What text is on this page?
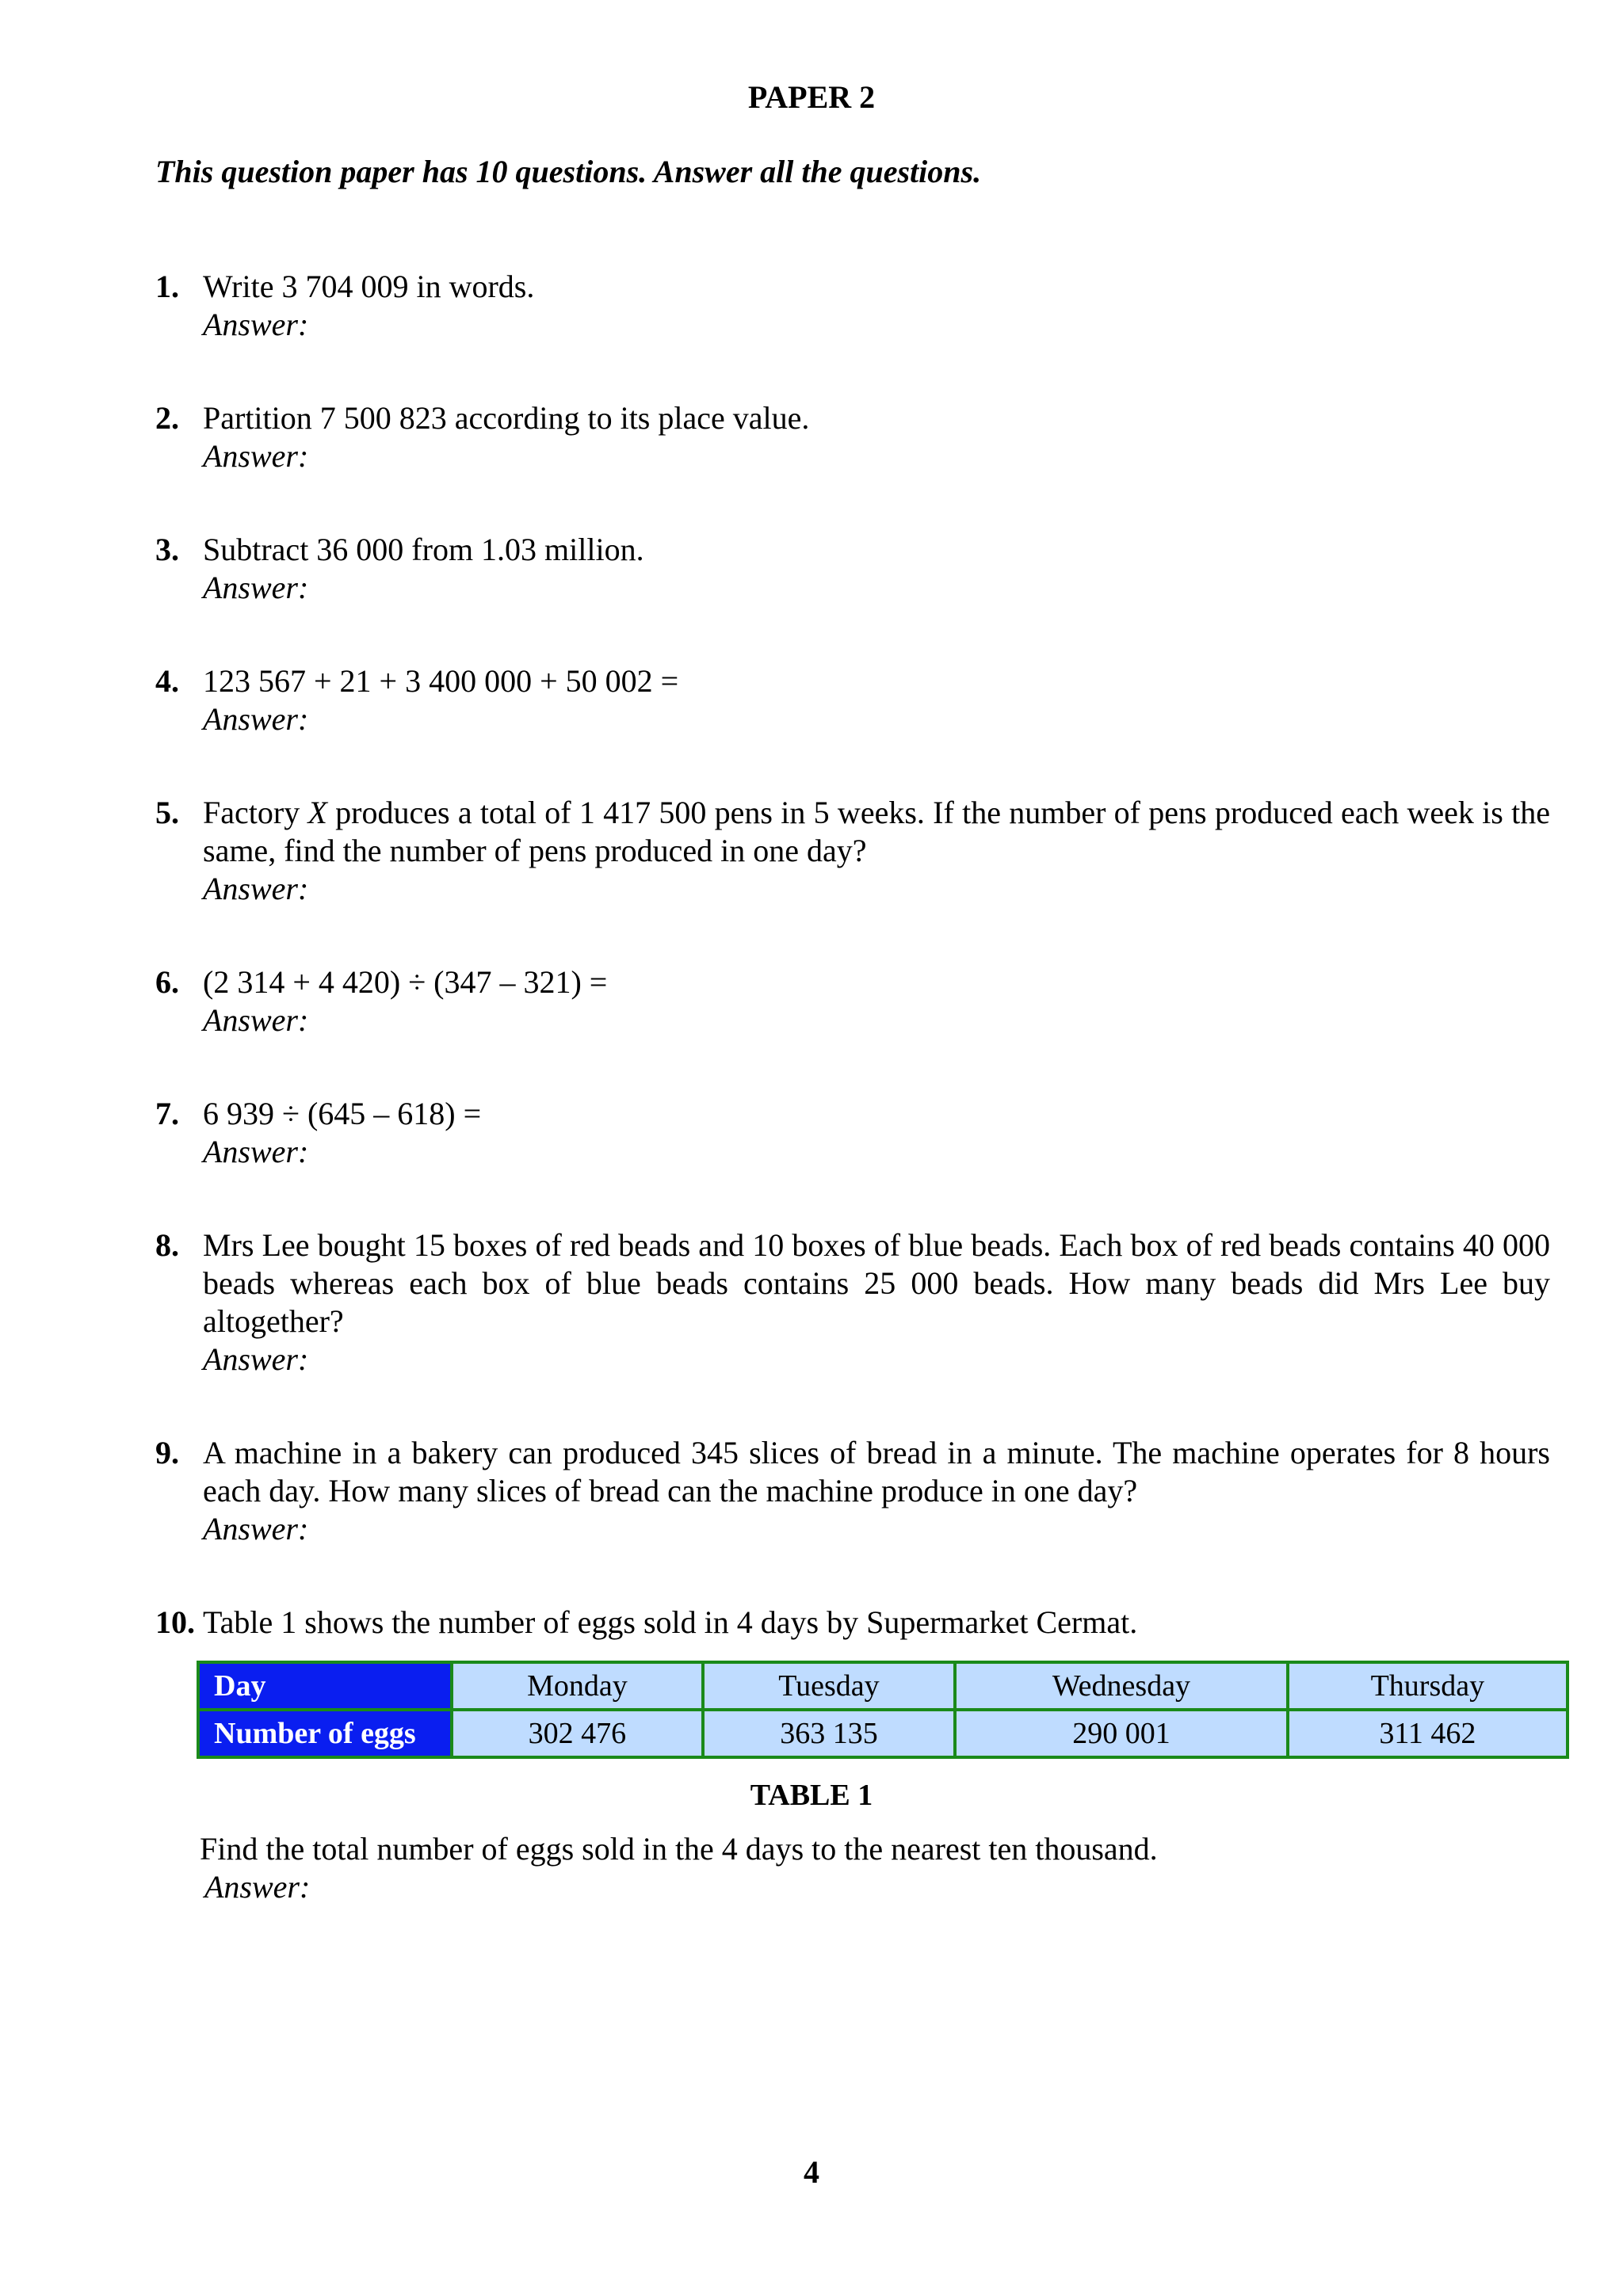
PAPER 2
This question paper has 10 questions. Answer all the questions.
1. Write 3 704 009 in words.
Answer:
2. Partition 7 500 823 according to its place value.
Answer:
3. Subtract 36 000 from 1.03 million.
Answer:
4. 123 567 + 21 + 3 400 000 + 50 002 =
Answer:
5. Factory X produces a total of 1 417 500 pens in 5 weeks. If the number of pens produced each week is the same, find the number of pens produced in one day?
Answer:
6. (2 314 + 4 420) ÷ (347 – 321) =
Answer:
7. 6 939 ÷ (645 – 618) =
Answer:
8. Mrs Lee bought 15 boxes of red beads and 10 boxes of blue beads. Each box of red beads contains 40 000 beads whereas each box of blue beads contains 25 000 beads. How many beads did Mrs Lee buy altogether?
Answer:
9. A machine in a bakery can produced 345 slices of bread in a minute. The machine operates for 8 hours each day. How many slices of bread can the machine produce in one day?
Answer:
10. Table 1 shows the number of eggs sold in 4 days by Supermarket Cermat.
Day	Monday	Tuesday	Wednesday	Thursday
Number of eggs	302 476	363 135	290 001	311 462
TABLE 1
Find the total number of eggs sold in the 4 days to the nearest ten thousand.
Answer:
4
